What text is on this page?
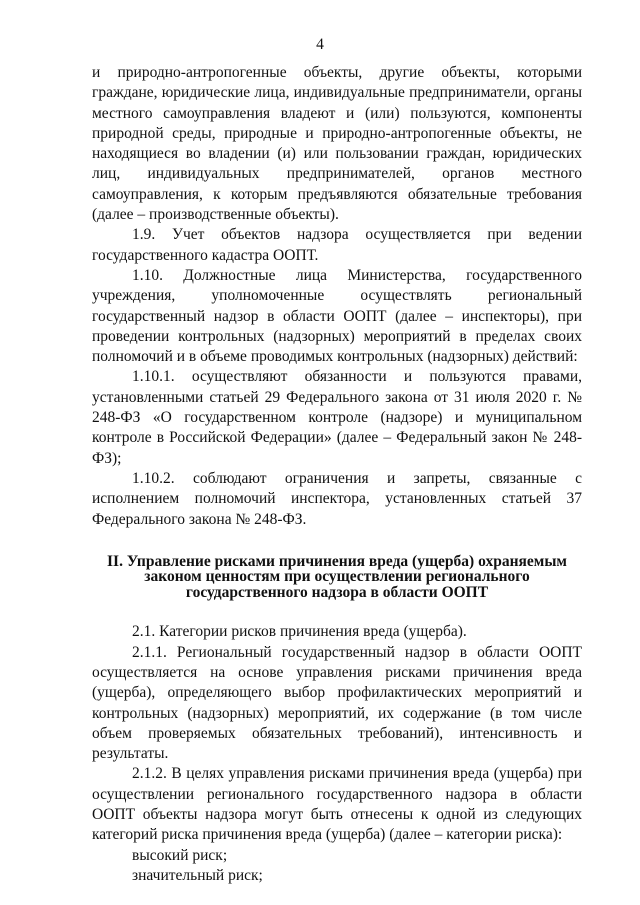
4

и природно-антропогенные объекты, другие объекты, которыми граждане, юридические лица, индивидуальные предприниматели, органы местного самоуправления владеют и (или) пользуются, компоненты природной среды, природные и природно-антропогенные объекты, не находящиеся во владении (и) или пользовании граждан, юридических лиц, индивидуальных предпринимателей, органов местного самоуправления, к которым предъявляются обязательные требования (далее – производственные объекты).

1.9. Учет объектов надзора осуществляется при ведении государственного кадастра ООПТ.

1.10. Должностные лица Министерства, государственного учреждения, уполномоченные осуществлять региональный государственный надзор в области ООПТ (далее – инспекторы), при проведении контрольных (надзорных) мероприятий в пределах своих полномочий и в объеме проводимых контрольных (надзорных) действий:

1.10.1. осуществляют обязанности и пользуются правами, установленными статьей 29 Федерального закона от 31 июля 2020 г. № 248-ФЗ «О государственном контроле (надзоре) и муниципальном контроле в Российской Федерации» (далее – Федеральный закон № 248-ФЗ);

1.10.2. соблюдают ограничения и запреты, связанные с исполнением полномочий инспектора, установленных статьей 37 Федерального закона № 248-ФЗ.

II. Управление рисками причинения вреда (ущерба) охраняемым законом ценностям при осуществлении регионального государственного надзора в области ООПТ

2.1. Категории рисков причинения вреда (ущерба).

2.1.1. Региональный государственный надзор в области ООПТ осуществляется на основе управления рисками причинения вреда (ущерба), определяющего выбор профилактических мероприятий и контрольных (надзорных) мероприятий, их содержание (в том числе объем проверяемых обязательных требований), интенсивность и результаты.

2.1.2. В целях управления рисками причинения вреда (ущерба) при осуществлении регионального государственного надзора в области ООПТ объекты надзора могут быть отнесены к одной из следующих категорий риска причинения вреда (ущерба) (далее – категории риска):

высокий риск;

значительный риск;
